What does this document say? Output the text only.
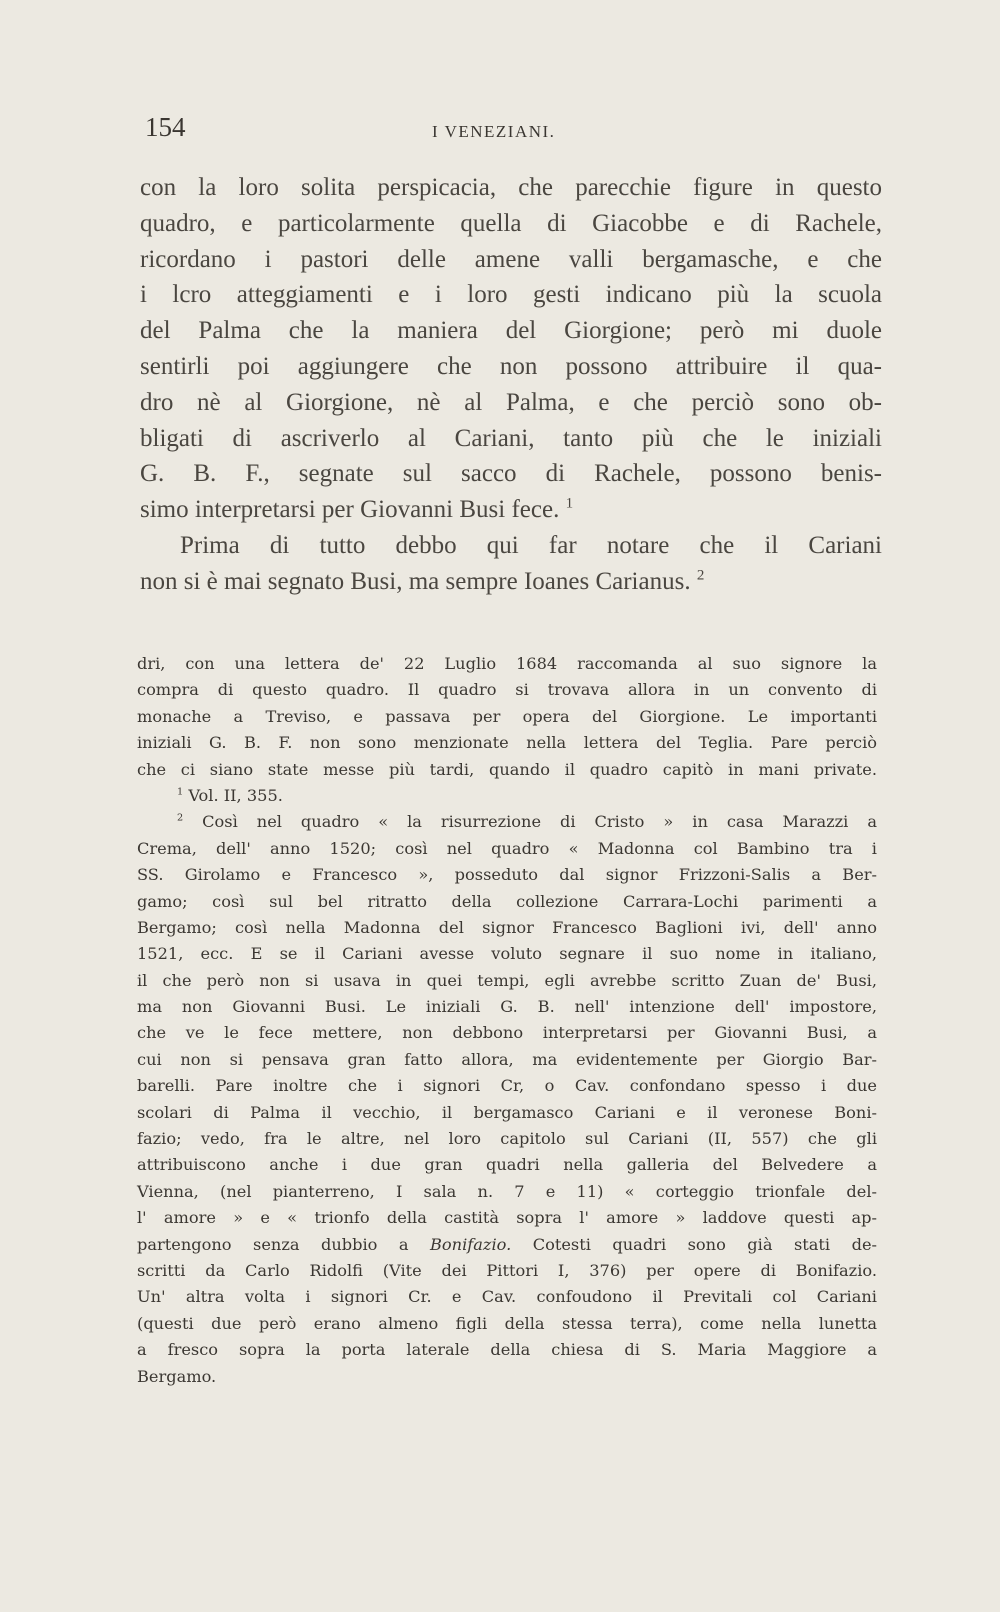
154	I VENEZIANI.
con la loro solita perspicacia, che parecchie figure in questo
quadro, e particolarmente quella di Giacobbe e di Rachele,
ricordano i pastori delle amene valli bergamasche, e che
i lcro atteggiamenti e i loro gesti indicano più la scuola
del Palma che la maniera del Giorgione; però mi duole
sentirli poi aggiungere che non possono attribuire il qua-
dro nè al Giorgione, nè al Palma, e che perciò sono ob-
bligati di ascriverlo al Cariani, tanto più che le iniziali
G. B. F., segnate sul sacco di Rachele, possono benis-
simo interpretarsi per Giovanni Busi fece. $^1$
Prima di tutto debbo qui far notare che il Cariani
non si è mai segnato Busi, ma sempre Ioanes Carianus. $^2$
dri, con una lettera de' 22 Luglio 1684 raccomanda al suo signore la
compra di questo quadro. Il quadro si trovava allora in un convento di
monache a Treviso, e passava per opera del Giorgione. Le importanti
iniziali G. B. F. non sono menzionate nella lettera del Teglia. Pare perciò
che ci siano state messe più tardi, quando il quadro capitò in mani private.
$^1$ Vol. II, 355.
$^2$ Così nel quadro « la risurrezione di Cristo » in casa Marazzi a
Crema, dell' anno 1520; così nel quadro « Madonna col Bambino tra i
SS. Girolamo e Francesco », posseduto dal signor Frizzoni-Salis a Ber-
gamo; così sul bel ritratto della collezione Carrara-Lochi parimenti a
Bergamo; così nella Madonna del signor Francesco Baglioni ivi, dell' anno
1521, ecc. E se il Cariani avesse voluto segnare il suo nome in italiano,
il che però non si usava in quei tempi, egli avrebbe scritto Zuan de' Busi,
ma non Giovanni Busi. Le iniziali G. B. nell' intenzione dell' impostore,
che ve le fece mettere, non debbono interpretarsi per Giovanni Busi, a
cui non si pensava gran fatto allora, ma evidentemente per Giorgio Bar-
barelli. Pare inoltre che i signori Cr, o Cav. confondano spesso i due
scolari di Palma il vecchio, il bergamasco Cariani e il veronese Boni-
fazio; vedo, fra le altre, nel loro capitolo sul Cariani (II, 557) che gli
attribuiscono anche i due gran quadri nella galleria del Belvedere a
Vienna, (nel pianterreno, I sala n. 7 e 11) « corteggio trionfale del-
l' amore » e « trionfo della castità sopra l' amore » laddove questi ap-
partengono senza dubbio a Bonifazio. Cotesti quadri sono già stati de-
scritti da Carlo Ridolfi (Vite dei Pittori I, 376) per opere di Bonifazio.
Un' altra volta i signori Cr. e Cav. confoudono il Previtali col Cariani
(questi due però erano almeno figli della stessa terra), come nella lunetta
a fresco sopra la porta laterale della chiesa di S. Maria Maggiore a
Bergamo.
